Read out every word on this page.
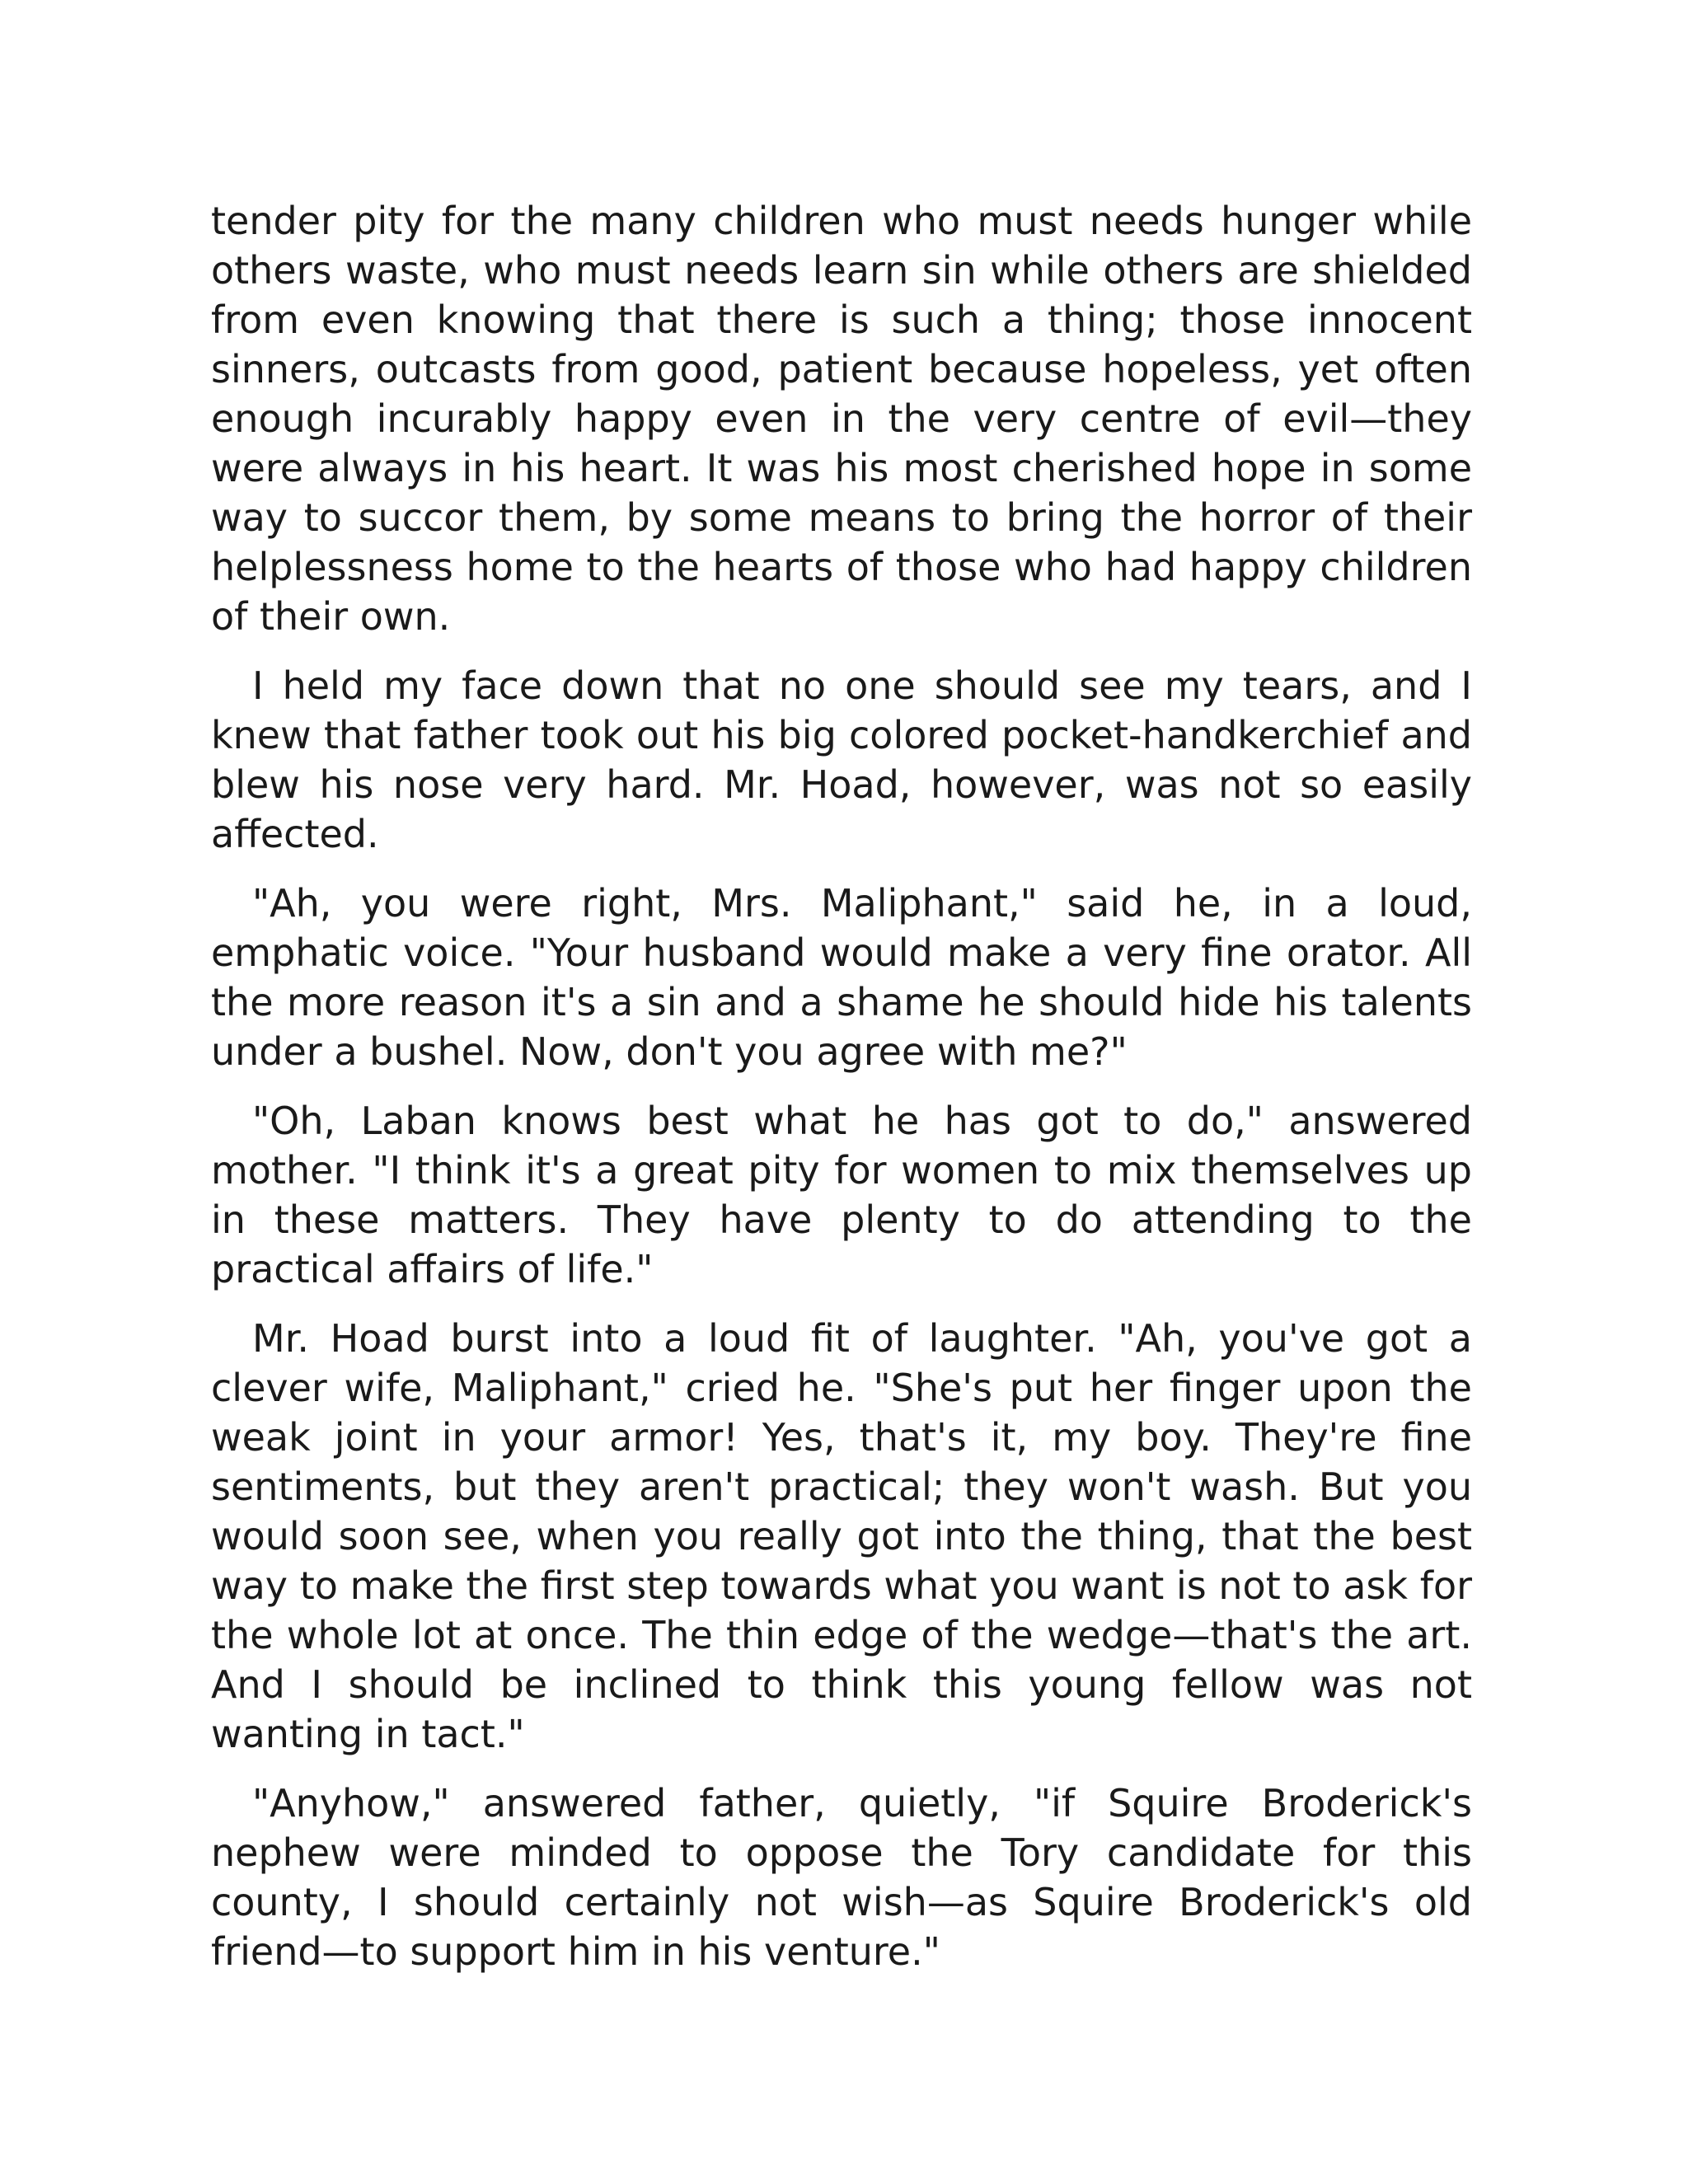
tender pity for the many children who must needs hunger while others waste, who must needs learn sin while others are shielded from even knowing that there is such a thing; those innocent sinners, outcasts from good, patient because hopeless, yet often enough incurably happy even in the very centre of evil—they were always in his heart. It was his most cherished hope in some way to succor them, by some means to bring the horror of their helplessness home to the hearts of those who had happy children of their own.

I held my face down that no one should see my tears, and I knew that father took out his big colored pocket-handkerchief and blew his nose very hard. Mr. Hoad, however, was not so easily affected.

"Ah, you were right, Mrs. Maliphant," said he, in a loud, emphatic voice. "Your husband would make a very fine orator. All the more reason it's a sin and a shame he should hide his talents under a bushel. Now, don't you agree with me?"

"Oh, Laban knows best what he has got to do," answered mother. "I think it's a great pity for women to mix themselves up in these matters. They have plenty to do attending to the practical affairs of life."

Mr. Hoad burst into a loud fit of laughter. "Ah, you've got a clever wife, Maliphant," cried he. "She's put her finger upon the weak joint in your armor! Yes, that's it, my boy. They're fine sentiments, but they aren't practical; they won't wash. But you would soon see, when you really got into the thing, that the best way to make the first step towards what you want is not to ask for the whole lot at once. The thin edge of the wedge—that's the art. And I should be inclined to think this young fellow was not wanting in tact."

"Anyhow," answered father, quietly, "if Squire Broderick's nephew were minded to oppose the Tory candidate for this county, I should certainly not wish—as Squire Broderick's old friend—to support him in his venture."
